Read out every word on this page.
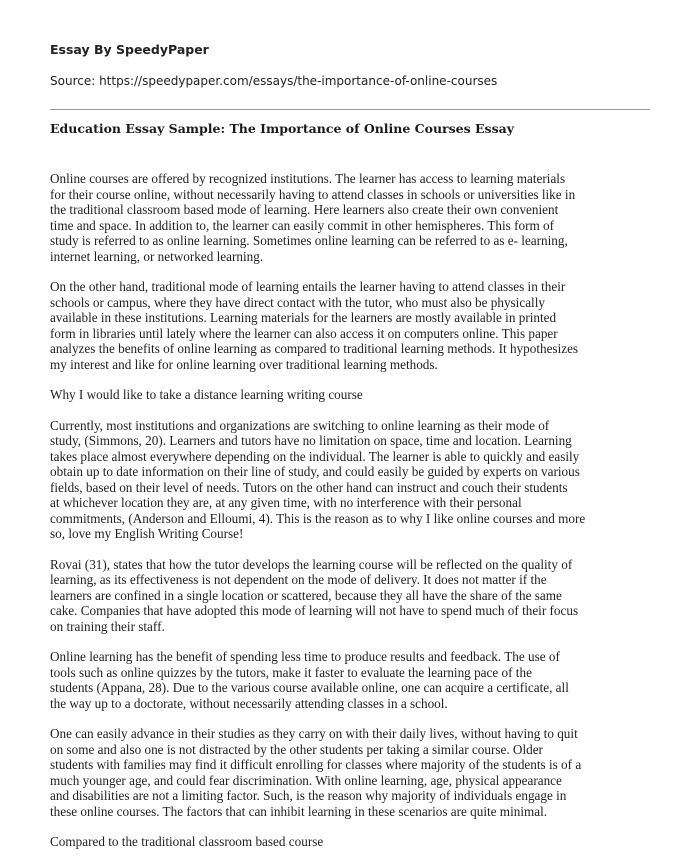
Essay By SpeedyPaper
Source: https://speedypaper.com/essays/the-importance-of-online-courses
Education Essay Sample: The Importance of Online Courses Essay

Online courses are offered by recognized institutions. The learner has access to learning materials
for their course online, without necessarily having to attend classes in schools or universities like in
the traditional classroom based mode of learning. Here learners also create their own convenient
time and space. In addition to, the learner can easily commit in other hemispheres. This form of
study is referred to as online learning. Sometimes online learning can be referred to as e- learning,
internet learning, or networked learning.

On the other hand, traditional mode of learning entails the learner having to attend classes in their
schools or campus, where they have direct contact with the tutor, who must also be physically
available in these institutions. Learning materials for the learners are mostly available in printed
form in libraries until lately where the learner can also access it on computers online. This paper
analyzes the benefits of online learning as compared to traditional learning methods. It hypothesizes
my interest and like for online learning over traditional learning methods.

Why I would like to take a distance learning writing course

Currently, most institutions and organizations are switching to online learning as their mode of
study, (Simmons, 20). Learners and tutors have no limitation on space, time and location. Learning
takes place almost everywhere depending on the individual. The learner is able to quickly and easily
obtain up to date information on their line of study, and could easily be guided by experts on various
fields, based on their level of needs. Tutors on the other hand can instruct and couch their students
at whichever location they are, at any given time, with no interference with their personal
commitments, (Anderson and Elloumi, 4). This is the reason as to why I like online courses and more
so, love my English Writing Course!

Rovai (31), states that how the tutor develops the learning course will be reflected on the quality of
learning, as its effectiveness is not dependent on the mode of delivery. It does not matter if the
learners are confined in a single location or scattered, because they all have the share of the same
cake. Companies that have adopted this mode of learning will not have to spend much of their focus
on training their staff.

Online learning has the benefit of spending less time to produce results and feedback. The use of
tools such as online quizzes by the tutors, make it faster to evaluate the learning pace of the
students (Appana, 28). Due to the various course available online, one can acquire a certificate, all
the way up to a doctorate, without necessarily attending classes in a school.

One can easily advance in their studies as they carry on with their daily lives, without having to quit
on some and also one is not distracted by the other students per taking a similar course. Older
students with families may find it difficult enrolling for classes where majority of the students is of a
much younger age, and could fear discrimination. With online learning, age, physical appearance
and disabilities are not a limiting factor. Such, is the reason why majority of individuals engage in
these online courses. The factors that can inhibit learning in these scenarios are quite minimal.

Compared to the traditional classroom based course
